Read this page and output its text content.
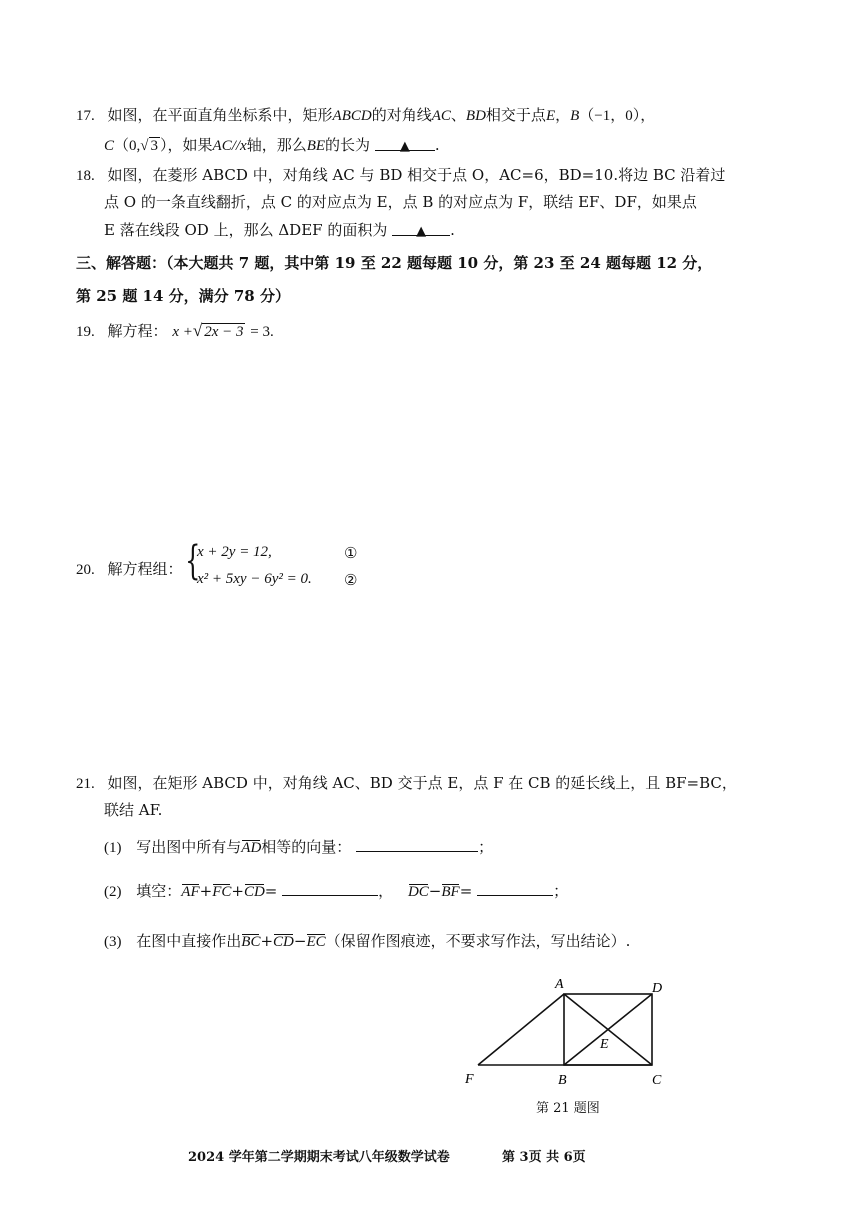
17. 如图，在平面直角坐标系中，矩形ABCD的对角线AC、BD相交于点E，B（−1，0），
C（0,√ 3 ），如果AC//x轴，那么BE的长为 ▲ .
18. 如图，在菱形 ABCD 中，对角线 AC 与 BD 相交于点 O，AC=6，BD=10.将边 BC 沿着过
点 O 的一条直线翻折，点 C 的对应点为 E，点 B 的对应点为 F，联结 EF、DF，如果点
E 落在线段 OD 上，那么 ΔDEF 的面积为 ▲ .
三、解答题：（本大题共 7 题，其中第 19 至 22 题每题 10 分，第 23 至 24 题每题 12 分，
第 25 题 14 分，满分 78 分）
19. 解方程： x +√ 2x − 3 = 3.
20. 解方程组： {
x + 2y = 12,
x² + 5xy − 6y² = 0.
①
②
21. 如图，在矩形 ABCD 中，对角线 AC、BD 交于点 E，点 F 在 CB 的延长线上，且 BF=BC，
联结 AF.
(1) 写出图中所有与AD相等的向量：	；
(2) 填空：AF+FC+CD=	， DC−BF=	；
(3) 在图中直接作出BC+CD−EC（保留作图痕迹，不要求写作法，写出结论）.
A	D
E
F	B	C
第 21 题图
2024 学年第二学期期末考试八年级数学试卷	第 3页 共 6页
